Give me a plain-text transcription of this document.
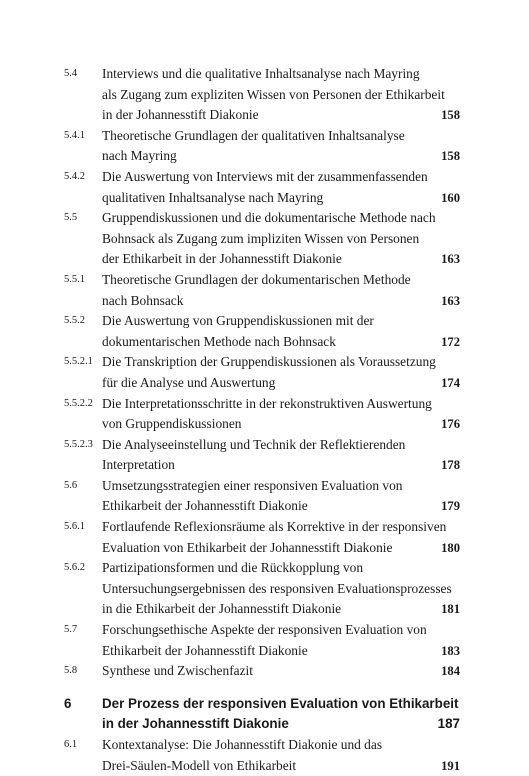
5.4 Interviews und die qualitative Inhaltsanalyse nach Mayring
als Zugang zum expliziten Wissen von Personen der Ethikarbeit
in der Johannesstift Diakonie	158
5.4.1 Theoretische Grundlagen der qualitativen Inhaltsanalyse
nach Mayring	158
5.4.2 Die Auswertung von Interviews mit der zusammenfassenden
qualitativen Inhaltsanalyse nach Mayring	160
5.5 Gruppendiskussionen und die dokumentarische Methode nach
Bohnsack als Zugang zum impliziten Wissen von Personen
der Ethikarbeit in der Johannesstift Diakonie	163
5.5.1 Theoretische Grundlagen der dokumentarischen Methode
nach Bohnsack	163
5.5.2 Die Auswertung von Gruppendiskussionen mit der
dokumentarischen Methode nach Bohnsack	172
5.5.2.1 Die Transkription der Gruppendiskussionen als Voraussetzung
für die Analyse und Auswertung	174
5.5.2.2 Die Interpretationsschritte in der rekonstruktiven Auswertung
von Gruppendiskussionen	176
5.5.2.3 Die Analyseeinstellung und Technik der Reflektierenden
Interpretation	178
5.6 Umsetzungsstrategien einer responsiven Evaluation von
Ethikarbeit der Johannesstift Diakonie	179
5.6.1 Fortlaufende Reflexionsräume als Korrektive in der responsiven
Evaluation von Ethikarbeit der Johannesstift Diakonie	180
5.6.2 Partizipationsformen und die Rückkopplung von
Untersuchungsergebnissen des responsiven Evaluationsprozesses
in die Ethikarbeit der Johannesstift Diakonie	181
5.7 Forschungsethische Aspekte der responsiven Evaluation von
Ethikarbeit der Johannesstift Diakonie	183
5.8 Synthese und Zwischenfazit	184
6 Der Prozess der responsiven Evaluation von Ethikarbeit
in der Johannesstift Diakonie	187
6.1 Kontextanalyse: Die Johannesstift Diakonie und das
Drei-Säulen-Modell von Ethikarbeit	191
